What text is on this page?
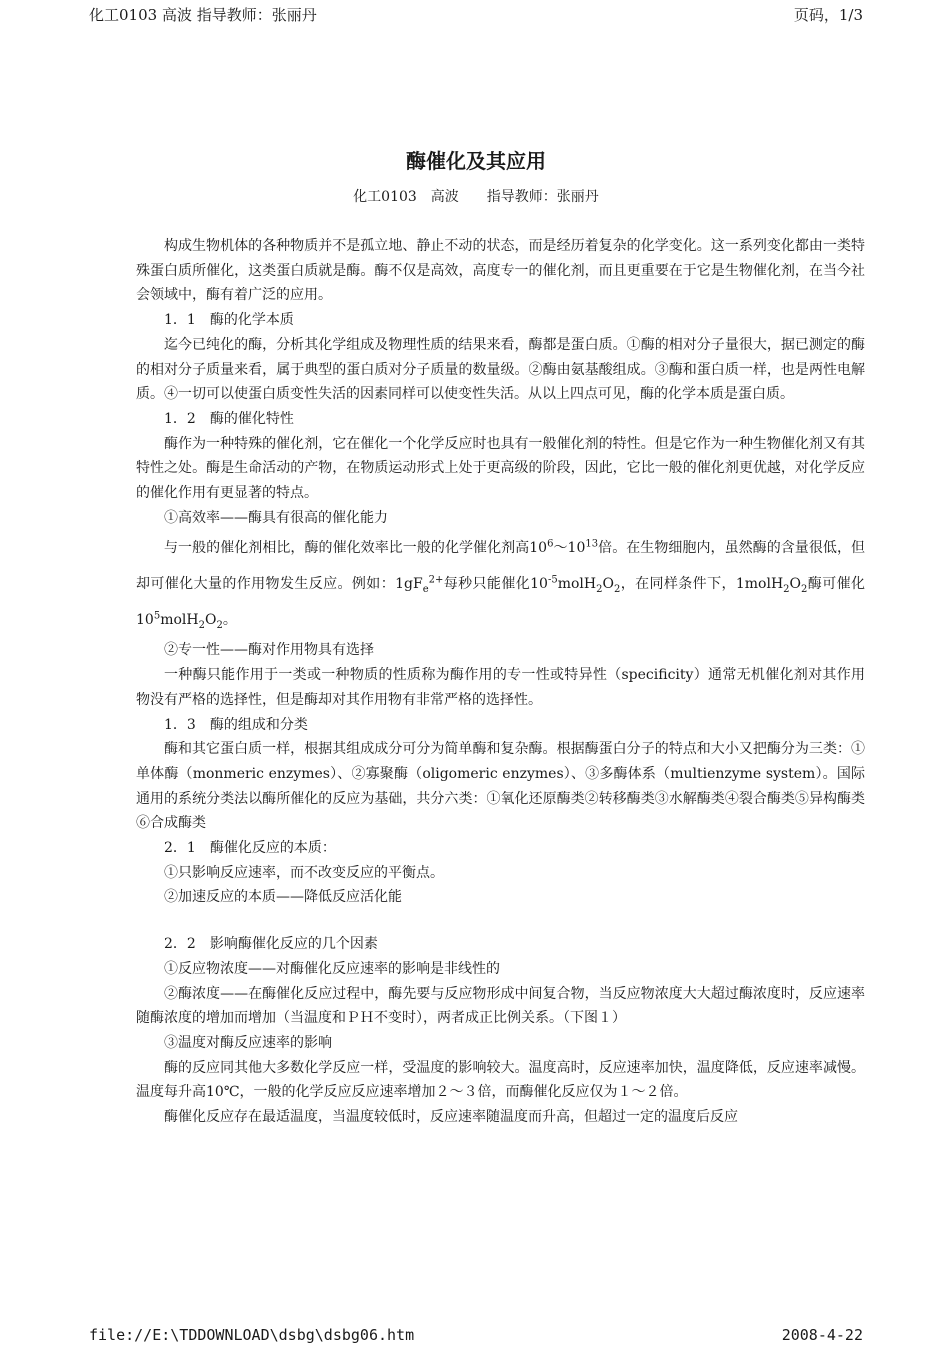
化工0103 高波 指导教师：张丽丹	页码，1/3
酶催化及其应用
化工0103　高波　　指导教师：张丽丹

构成生物机体的各种物质并不是孤立地、静止不动的状态，而是经历着复杂的化学变化。这一系列变化都由一类特殊蛋白质所催化，这类蛋白质就是酶。酶不仅是高效，高度专一的催化剂，而且更重要在于它是生物催化剂，在当今社会领域中，酶有着广泛的应用。

1．1　酶的化学本质

迄今已纯化的酶，分析其化学组成及物理性质的结果来看，酶都是蛋白质。①酶的相对分子量很大，据已测定的酶的相对分子质量来看，属于典型的蛋白质对分子质量的数量级。②酶由氨基酸组成。③酶和蛋白质一样，也是两性电解质。④一切可以使蛋白质变性失活的因素同样可以使变性失活。从以上四点可见，酶的化学本质是蛋白质。

1．2　酶的催化特性

酶作为一种特殊的催化剂，它在催化一个化学反应时也具有一般催化剂的特性。但是它作为一种生物催化剂又有其特性之处。酶是生命活动的产物，在物质运动形式上处于更高级的阶段，因此，它比一般的催化剂更优越，对化学反应的催化作用有更显著的特点。

①高效率——酶具有很高的催化能力

与一般的催化剂相比，酶的催化效率比一般的化学催化剂高$10^6\sim 10^{13}$倍。在生物细胞内，虽然酶的含量很低，但却可催化大量的作用物发生反应。例如：$1gF_e^{2+}$每秒只能催化$10^{-5}molH_2O_2$，在同样条件下，$1molH_2O_2$酶可催化$10^5molH_2O_2$。

②专一性——酶对作用物具有选择

一种酶只能作用于一类或一种物质的性质称为酶作用的专一性或特异性（specificity）通常无机催化剂对其作用物没有严格的选择性，但是酶却对其作用物有非常严格的选择性。

1．3　酶的组成和分类

酶和其它蛋白质一样，根据其组成成分可分为简单酶和复杂酶。根据酶蛋白分子的特点和大小又把酶分为三类：①单体酶（monmeric enzymes）、②寡聚酶（oligomeric enzymes）、③多酶体系（multienzyme system）。国际通用的系统分类法以酶所催化的反应为基础，共分六类：①氧化还原酶类②转移酶类③水解酶类④裂合酶类⑤异构酶类⑥合成酶类

2．1　酶催化反应的本质：

①只影响反应速率，而不改变反应的平衡点。

②加速反应的本质——降低反应活化能

2．2　影响酶催化反应的几个因素

①反应物浓度——对酶催化反应速率的影响是非线性的

②酶浓度——在酶催化反应过程中，酶先要与反应物形成中间复合物，当反应物浓度大大超过酶浓度时，反应速率随酶浓度的增加而增加（当温度和ＰＨ不变时），两者成正比例关系。（下图１）

③温度对酶反应速率的影响

酶的反应同其他大多数化学反应一样，受温度的影响较大。温度高时，反应速率加快，温度降低，反应速率减慢。温度每升高10℃，一般的化学反应反应速率增加２～３倍，而酶催化反应仅为１～２倍。

酶催化反应存在最适温度，当温度较低时，反应速率随温度而升高，但超过一定的温度后反应

file://E:\TDDOWNLOAD\dsbg\dsbg06.htm	2008-4-22
